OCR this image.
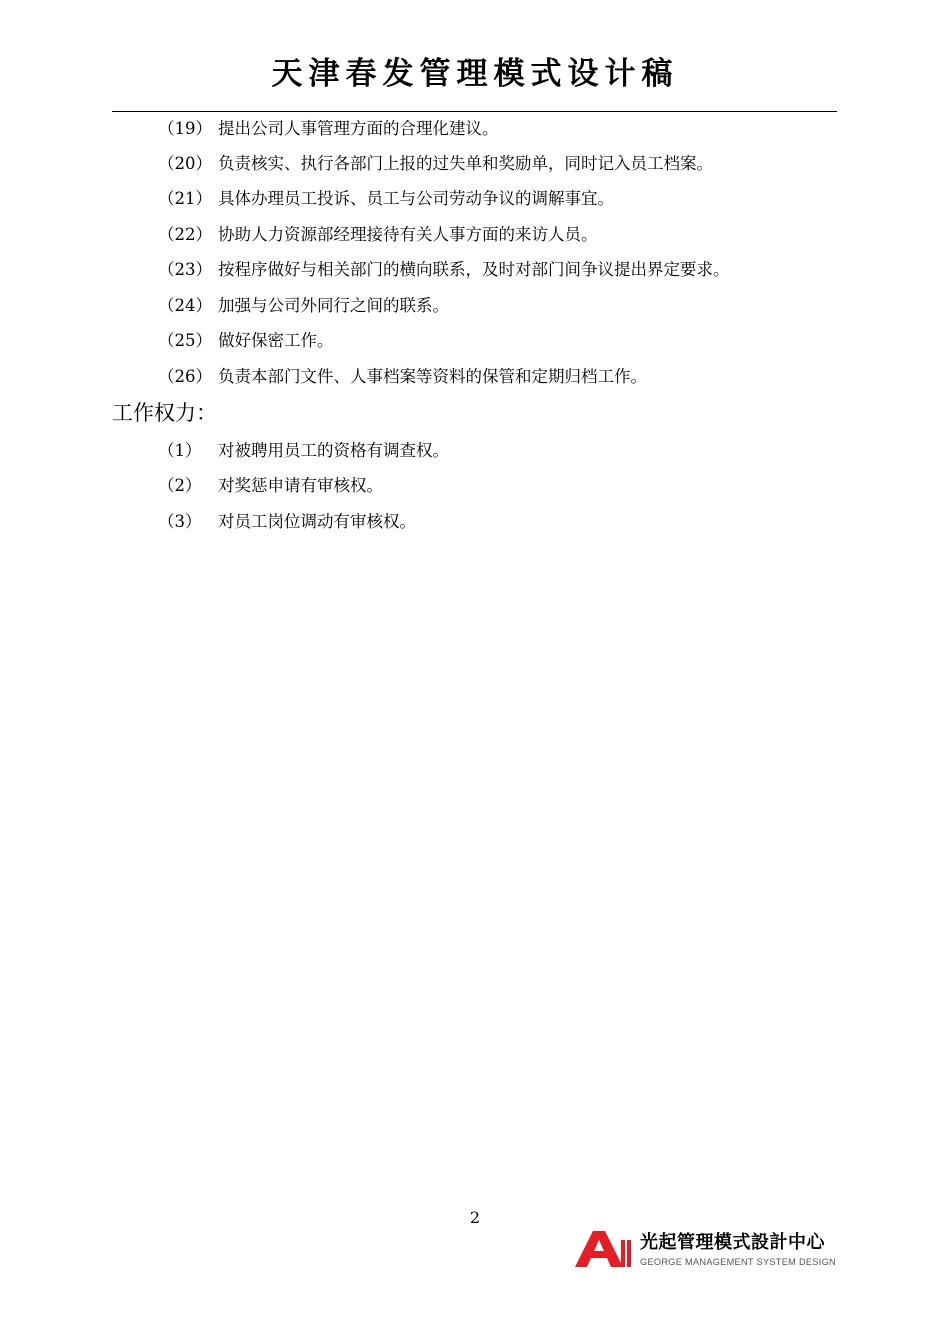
天津春发管理模式设计稿
（19） 提出公司人事管理方面的合理化建议。
（20） 负责核实、执行各部门上报的过失单和奖励单，同时记入员工档案。
（21） 具体办理员工投诉、员工与公司劳动争议的调解事宜。
（22） 协助人力资源部经理接待有关人事方面的来访人员。
（23） 按程序做好与相关部门的横向联系，及时对部门间争议提出界定要求。
（24） 加强与公司外同行之间的联系。
（25） 做好保密工作。
（26） 负责本部门文件、人事档案等资料的保管和定期归档工作。
工作权力：
（1） 对被聘用员工的资格有调查权。
（2） 对奖惩申请有审核权。
（3） 对员工岗位调动有审核权。
2
光起管理模式設計中心
GEORGE MANAGEMENT SYSTEM DESIGN
